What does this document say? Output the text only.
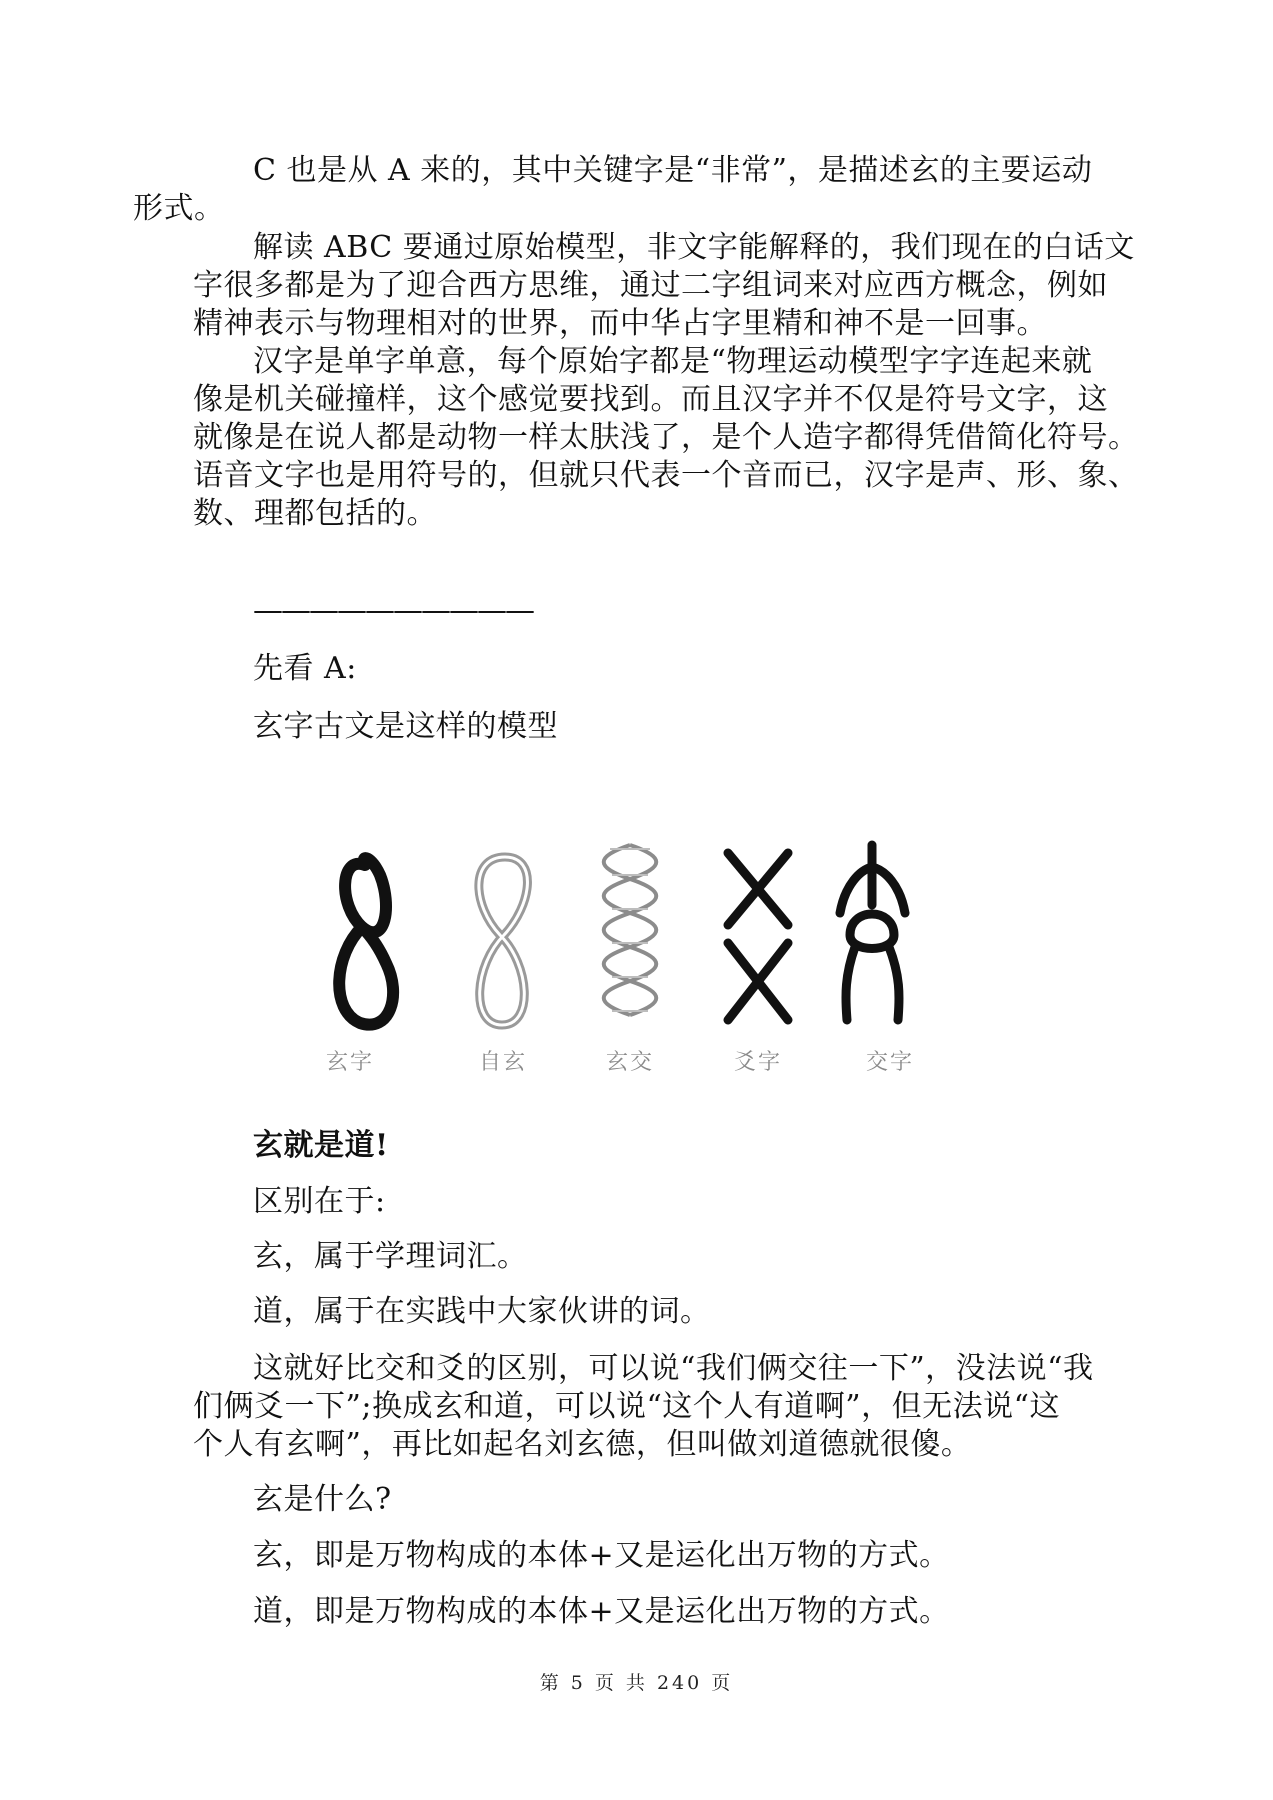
C 也是从 A 来的，其中关键字是“非常”，是描述玄的主要运动
形式。

解读 ABC 要通过原始模型，非文字能解释的，我们现在的白话文
字很多都是为了迎合西方思维，通过二字组词来对应西方概念，例如
精神表示与物理相对的世界，而中华占字里精和神不是一回事。

汉字是单字单意，每个原始字都是“物理运动模型字字连起来就
像是机关碰撞样，这个感觉要找到。而且汉字并不仅是符号文字，这
就像是在说人都是动物一样太肤浅了，是个人造字都得凭借简化符号。
语音文字也是用符号的，但就只代表一个音而已，汉字是声、形、象、
数、理都包括的。

——————————

先看 A:

玄字古文是这样的模型

玄字	自玄	玄交	爻字	交字

玄就是道!

区别在于:

玄，属于学理词汇。

道，属于在实践中大家伙讲的词。

这就好比交和爻的区别，可以说“我们俩交往一下”，没法说“我
们俩爻一下”;换成玄和道，可以说“这个人有道啊”，但无法说“这
个人有玄啊”，再比如起名刘玄德，但叫做刘道德就很傻。

玄是什么?

玄，即是万物构成的本体+又是运化出万物的方式。

道，即是万物构成的本体+又是运化出万物的方式。

第 5 页 共 240 页
